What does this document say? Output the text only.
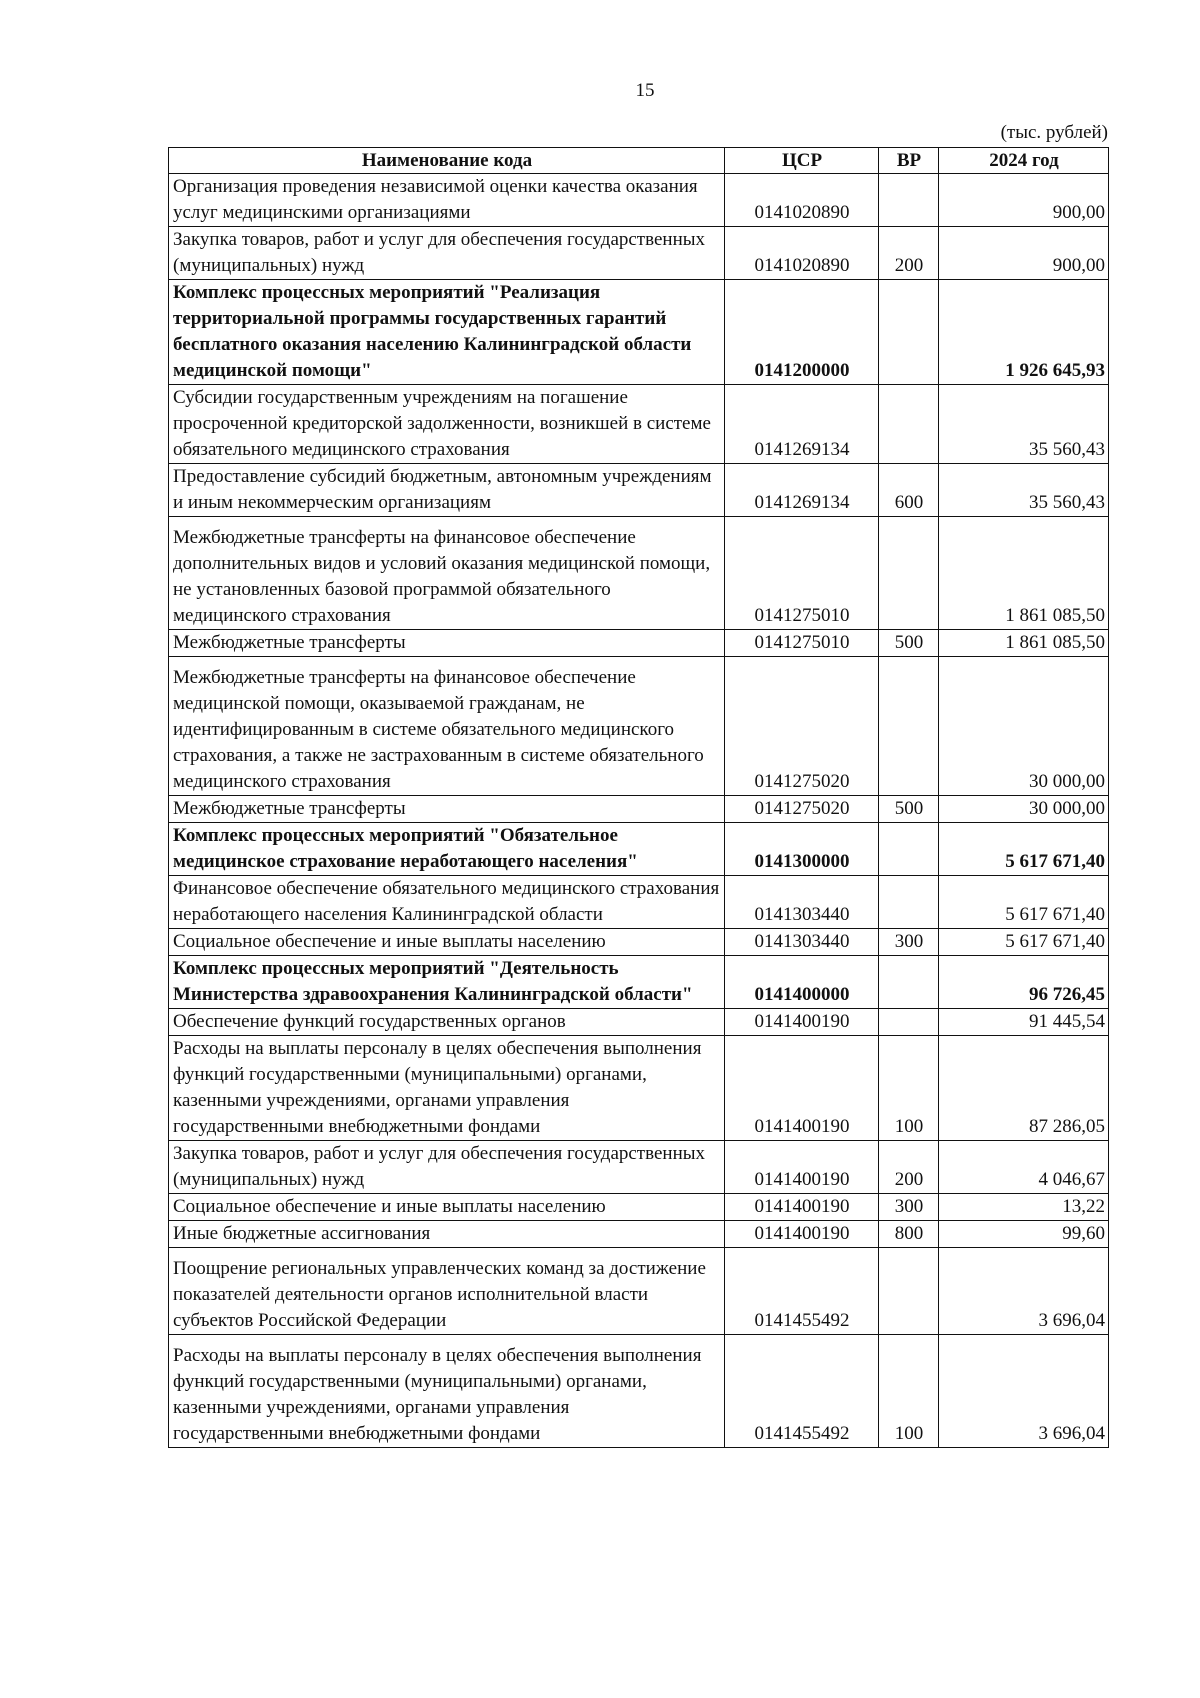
15
(тыс. рублей)
Наименование кода	ЦСР	ВР	2024 год
Организация проведения независимой оценки качества оказания услуг медицинскими организациями	0141020890		900,00
Закупка товаров, работ и услуг для обеспечения государственных (муниципальных) нужд	0141020890	200	900,00
Комплекс процессных мероприятий "Реализация территориальной программы государственных гарантий бесплатного оказания населению Калининградской области медицинской помощи"	0141200000		1 926 645,93
Субсидии государственным учреждениям на погашение просроченной кредиторской задолженности, возникшей в системе обязательного медицинского страхования	0141269134		35 560,43
Предоставление субсидий бюджетным, автономным учреждениям и иным некоммерческим организациям	0141269134	600	35 560,43
Межбюджетные трансферты на финансовое обеспечение дополнительных видов и условий оказания медицинской помощи, не установленных базовой программой обязательного медицинского страхования	0141275010		1 861 085,50
Межбюджетные трансферты	0141275010	500	1 861 085,50
Межбюджетные трансферты на финансовое обеспечение медицинской помощи, оказываемой гражданам, не идентифицированным в системе обязательного медицинского страхования, а также не застрахованным в системе обязательного медицинского страхования	0141275020		30 000,00
Межбюджетные трансферты	0141275020	500	30 000,00
Комплекс процессных мероприятий "Обязательное медицинское страхование неработающего населения"	0141300000		5 617 671,40
Финансовое обеспечение обязательного медицинского страхования неработающего населения Калининградской области	0141303440		5 617 671,40
Социальное обеспечение и иные выплаты населению	0141303440	300	5 617 671,40
Комплекс процессных мероприятий "Деятельность Министерства здравоохранения Калининградской области"	0141400000		96 726,45
Обеспечение функций государственных органов	0141400190		91 445,54
Расходы на выплаты персоналу в целях обеспечения выполнения функций государственными (муниципальными) органами, казенными учреждениями, органами управления государственными внебюджетными фондами	0141400190	100	87 286,05
Закупка товаров, работ и услуг для обеспечения государственных (муниципальных) нужд	0141400190	200	4 046,67
Социальное обеспечение и иные выплаты населению	0141400190	300	13,22
Иные бюджетные ассигнования	0141400190	800	99,60
Поощрение региональных управленческих команд за достижение показателей деятельности органов исполнительной власти субъектов Российской Федерации	0141455492		3 696,04
Расходы на выплаты персоналу в целях обеспечения выполнения функций государственными (муниципальными) органами, казенными учреждениями, органами управления государственными внебюджетными фондами	0141455492	100	3 696,04
